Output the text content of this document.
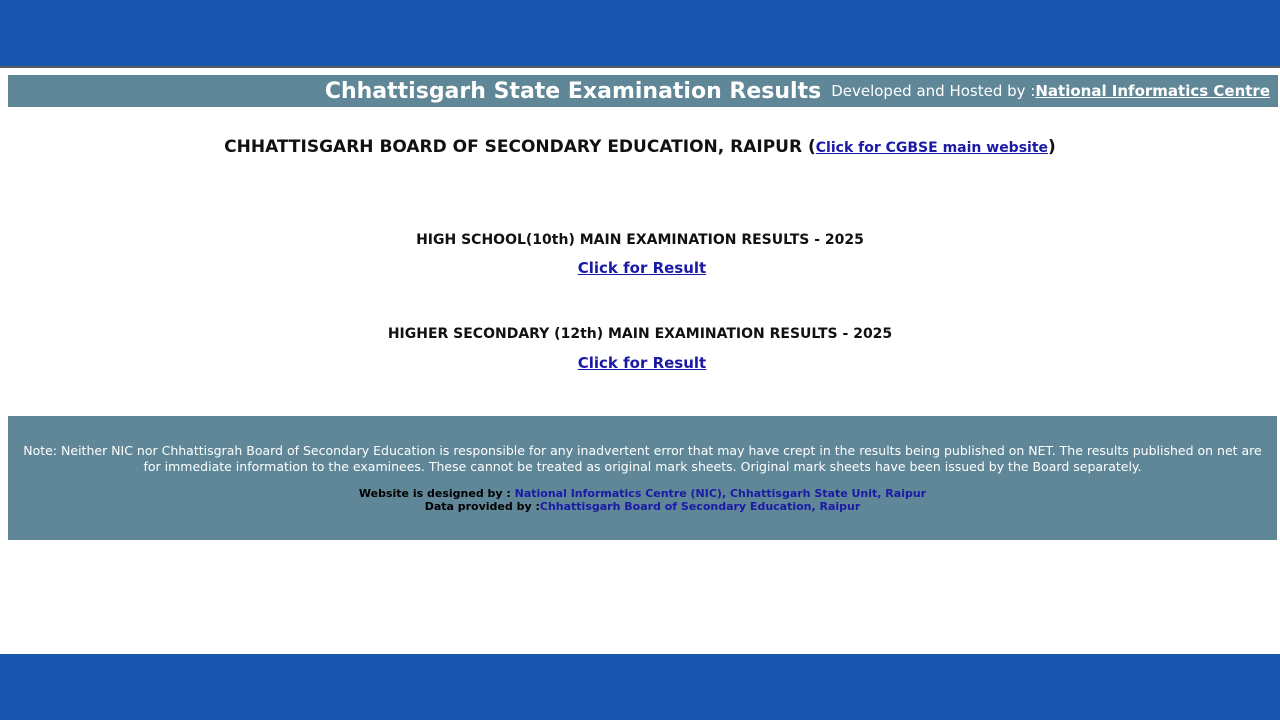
Chhattisgarh State Examination Results Developed and Hosted by : National Informatics Centre
CHHATTISGARH BOARD OF SECONDARY EDUCATION, RAIPUR (Click for CGBSE main website)
HIGH SCHOOL(10th) MAIN EXAMINATION RESULTS - 2025
Click for Result
HIGHER SECONDARY (12th) MAIN EXAMINATION RESULTS - 2025
Click for Result
Note: Neither NIC nor Chhattisgrah Board of Secondary Education is responsible for any inadvertent error that may have crept in the results being published on NET. The results published on net are for immediate information to the examinees. These cannot be treated as original mark sheets. Original mark sheets have been issued by the Board separately.
Website is designed by : National Informatics Centre (NIC), Chhattisgarh State Unit, Raipur
Data provided by :Chhattisgarh Board of Secondary Education, Raipur
